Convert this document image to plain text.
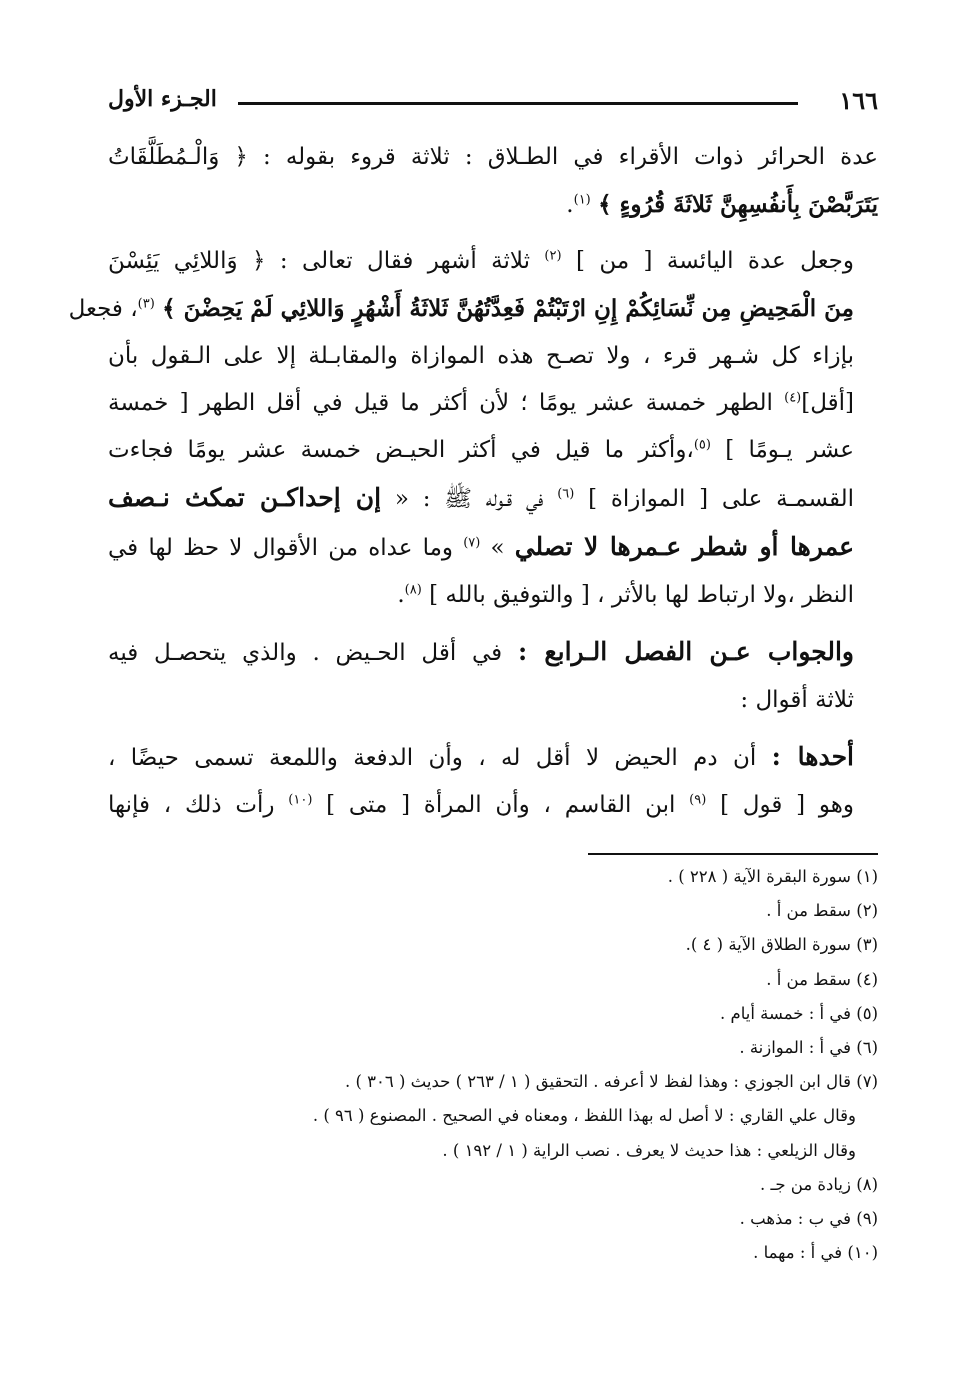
١٦٦
الجـزء الأول
عدة الحرائر ذوات الأقراء في الطـلاق : ثلاثة قروء بقوله : ﴿ وَالْـمُطَلَّقَاتُ
يَتَرَبَّصْنَ بِأَنفُسِهِنَّ ثَلاثَةَ قُرُوءٍ ﴾ $^{(١)}$.
وجعل عدة اليائسة [ من ] $^{(٢)}$ ثلاثة أشهر فقال تعالى : ﴿ وَاللائِي يَئِسْنَ
مِنَ الْمَحِيضِ مِن نِّسَائِكُمْ إِنِ ارْتَبْتُمْ فَعِدَّتُهُنَّ ثَلاثَةُ أَشْهُرٍ وَاللائِي لَمْ يَحِضْنَ ﴾ $^{(٣)}$، فجعل
بإزاء كل شـهر قرء ، ولا تصـح هذه الموازاة والمقابـلة إلا على الـقول بأن
[أقل]$^{(٤)}$ الطهر خمسة عشر يومًا ؛ لأن أكثر ما قيل في أقل الطهر [ خمسة
عشر يـومًا ] $^{(٥)}$،وأكثر ما قيل في أكثر الحيـض خمسة عشر يومًا فجاءت
القسمـة على [ الموازاة ] $^{(٦)}$ في قـوله ﷺ : « إن إحداكـن تمكث نـصف
عمرها أو شطر عـمرها لا تصلي » $^{(٧)}$ وما عداه من الأقوال لا حظ لها في
النظر ،ولا ارتباط لها بالأثر ، [ والتوفيق بالله ] $^{(٨)}$.
والجواب عـن الفصل الـرابع : في أقل الحـيض . والذي يتحصـل فيه
ثلاثة أقوال :
أحدها : أن دم الحيض لا أقل له ، وأن الدفعة واللمعة تسمى حيضًا ،
وهو [ قول ] $^{(٩)}$ ابن القاسم ، وأن المرأة [ متى ] $^{(١٠)}$ رأت ذلك ، فإنها
(١) سورة البقرة الآية ( ٢٢٨ ) .
(٢) سقط من أ .
(٣) سورة الطلاق الآية ( ٤ ).
(٤) سقط من أ .
(٥) في أ : خمسة أيام .
(٦) في أ : الموازنة .
(٧) قال ابن الجوزي : وهذا لفظ لا أعرفه . التحقيق ( ١ / ٢٦٣ ) حديث ( ٣٠٦ ) .
وقال علي القاري : لا أصل له بهذا اللفظ ، ومعناه في الصحيح . المصنوع ( ٩٦ ) .
وقال الزيلعي : هذا حديث لا يعرف . نصب الراية ( ١ / ١٩٢ ) .
(٨) زيادة من جـ .
(٩) في ب : مذهب .
(١٠) في أ : مهما .
